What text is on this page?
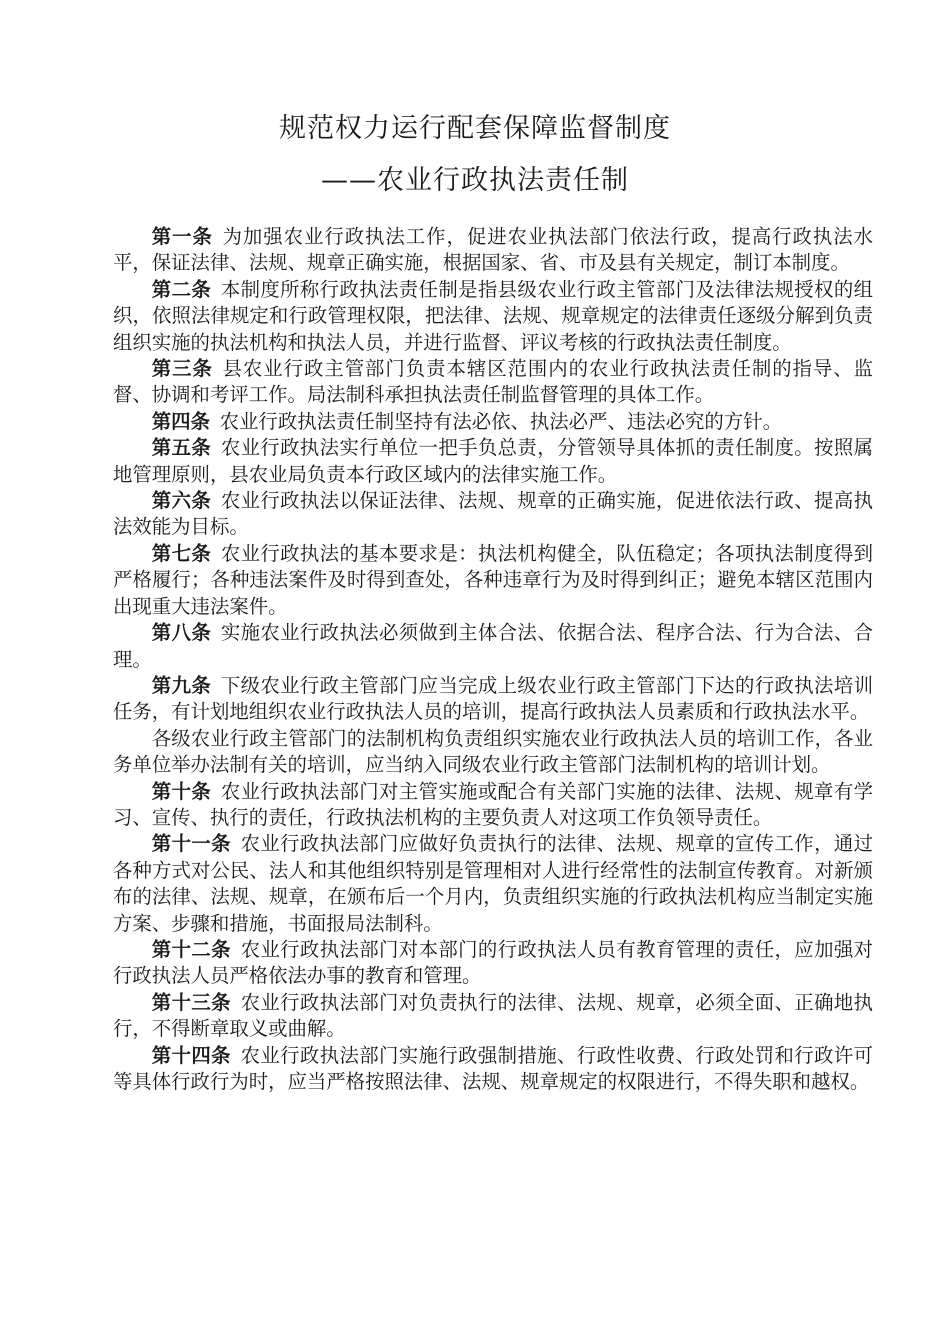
规范权力运行配套保障监督制度
——农业行政执法责任制

第一条 为加强农业行政执法工作，促进农业执法部门依法行政，提高行政执法水平，保证法律、法规、规章正确实施，根据国家、省、市及县有关规定，制订本制度。

第二条 本制度所称行政执法责任制是指县级农业行政主管部门及法律法规授权的组织，依照法律规定和行政管理权限，把法律、法规、规章规定的法律责任逐级分解到负责组织实施的执法机构和执法人员，并进行监督、评议考核的行政执法责任制度。

第三条 县农业行政主管部门负责本辖区范围内的农业行政执法责任制的指导、监督、协调和考评工作。局法制科承担执法责任制监督管理的具体工作。

第四条 农业行政执法责任制坚持有法必依、执法必严、违法必究的方针。

第五条 农业行政执法实行单位一把手负总责，分管领导具体抓的责任制度。按照属地管理原则，县农业局负责本行政区域内的法律实施工作。

第六条 农业行政执法以保证法律、法规、规章的正确实施，促进依法行政、提高执法效能为目标。

第七条 农业行政执法的基本要求是：执法机构健全，队伍稳定；各项执法制度得到严格履行；各种违法案件及时得到查处，各种违章行为及时得到纠正；避免本辖区范围内出现重大违法案件。

第八条 实施农业行政执法必须做到主体合法、依据合法、程序合法、行为合法、合理。

第九条 下级农业行政主管部门应当完成上级农业行政主管部门下达的行政执法培训任务，有计划地组织农业行政执法人员的培训，提高行政执法人员素质和行政执法水平。

各级农业行政主管部门的法制机构负责组织实施农业行政执法人员的培训工作，各业务单位举办法制有关的培训，应当纳入同级农业行政主管部门法制机构的培训计划。

第十条 农业行政执法部门对主管实施或配合有关部门实施的法律、法规、规章有学习、宣传、执行的责任，行政执法机构的主要负责人对这项工作负领导责任。

第十一条 农业行政执法部门应做好负责执行的法律、法规、规章的宣传工作，通过各种方式对公民、法人和其他组织特别是管理相对人进行经常性的法制宣传教育。对新颁布的法律、法规、规章，在颁布后一个月内，负责组织实施的行政执法机构应当制定实施方案、步骤和措施，书面报局法制科。

第十二条 农业行政执法部门对本部门的行政执法人员有教育管理的责任，应加强对行政执法人员严格依法办事的教育和管理。

第十三条 农业行政执法部门对负责执行的法律、法规、规章，必须全面、正确地执行，不得断章取义或曲解。

第十四条 农业行政执法部门实施行政强制措施、行政性收费、行政处罚和行政许可等具体行政行为时，应当严格按照法律、法规、规章规定的权限进行，不得失职和越权。
